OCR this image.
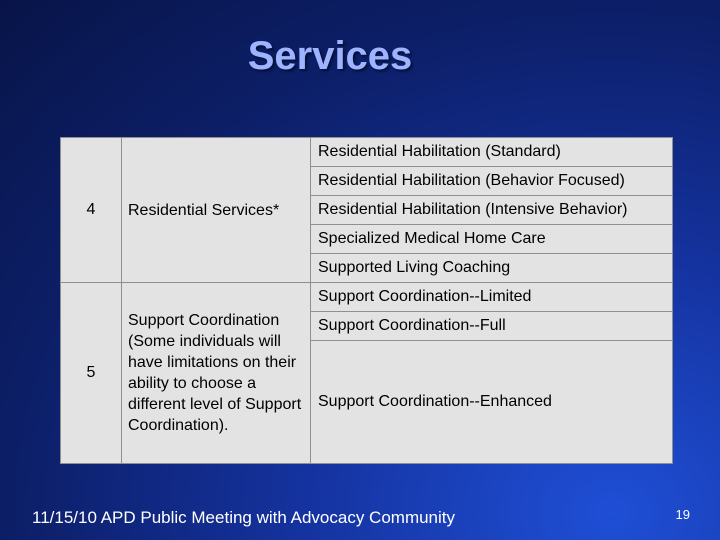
Services
4	Residential Services*	Residential Habilitation (Standard)
		Residential Habilitation (Behavior Focused)
		Residential Habilitation (Intensive Behavior)
		Specialized Medical Home Care
		Supported Living Coaching
5	Support Coordination (Some individuals will have limitations on their ability to choose a different level of Support Coordination).	Support Coordination--Limited
		Support Coordination--Full
		Support Coordination--Enhanced
11/15/10 APD Public Meeting with Advocacy Community	19
